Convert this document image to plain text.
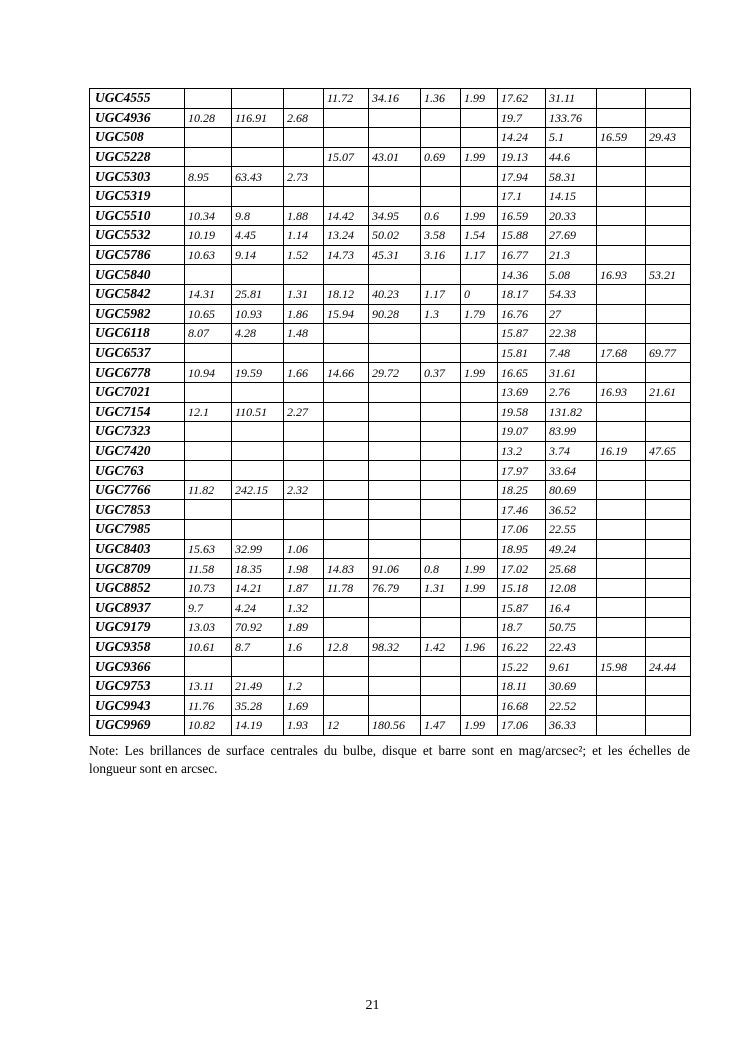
UGC4555				11.72	34.16	1.36	1.99	17.62	31.11		
UGC4936	10.28	116.91	2.68					19.7	133.76		
UGC508								14.24	5.1	16.59	29.43
UGC5228				15.07	43.01	0.69	1.99	19.13	44.6		
UGC5303	8.95	63.43	2.73					17.94	58.31		
UGC5319								17.1	14.15		
UGC5510	10.34	9.8	1.88	14.42	34.95	0.6	1.99	16.59	20.33		
UGC5532	10.19	4.45	1.14	13.24	50.02	3.58	1.54	15.88	27.69		
UGC5786	10.63	9.14	1.52	14.73	45.31	3.16	1.17	16.77	21.3		
UGC5840								14.36	5.08	16.93	53.21
UGC5842	14.31	25.81	1.31	18.12	40.23	1.17	0	18.17	54.33		
UGC5982	10.65	10.93	1.86	15.94	90.28	1.3	1.79	16.76	27		
UGC6118	8.07	4.28	1.48					15.87	22.38		
UGC6537								15.81	7.48	17.68	69.77
UGC6778	10.94	19.59	1.66	14.66	29.72	0.37	1.99	16.65	31.61		
UGC7021								13.69	2.76	16.93	21.61
UGC7154	12.1	110.51	2.27					19.58	131.82		
UGC7323								19.07	83.99		
UGC7420								13.2	3.74	16.19	47.65
UGC763								17.97	33.64		
UGC7766	11.82	242.15	2.32					18.25	80.69		
UGC7853								17.46	36.52		
UGC7985								17.06	22.55		
UGC8403	15.63	32.99	1.06					18.95	49.24		
UGC8709	11.58	18.35	1.98	14.83	91.06	0.8	1.99	17.02	25.68		
UGC8852	10.73	14.21	1.87	11.78	76.79	1.31	1.99	15.18	12.08		
UGC8937	9.7	4.24	1.32					15.87	16.4		
UGC9179	13.03	70.92	1.89					18.7	50.75		
UGC9358	10.61	8.7	1.6	12.8	98.32	1.42	1.96	16.22	22.43		
UGC9366								15.22	9.61	15.98	24.44
UGC9753	13.11	21.49	1.2					18.11	30.69		
UGC9943	11.76	35.28	1.69					16.68	22.52		
UGC9969	10.82	14.19	1.93	12	180.56	1.47	1.99	17.06	36.33		

Note: Les brillances de surface centrales du bulbe, disque et barre sont en mag/arcsec²; et les échelles de longueur sont en arcsec.

21
